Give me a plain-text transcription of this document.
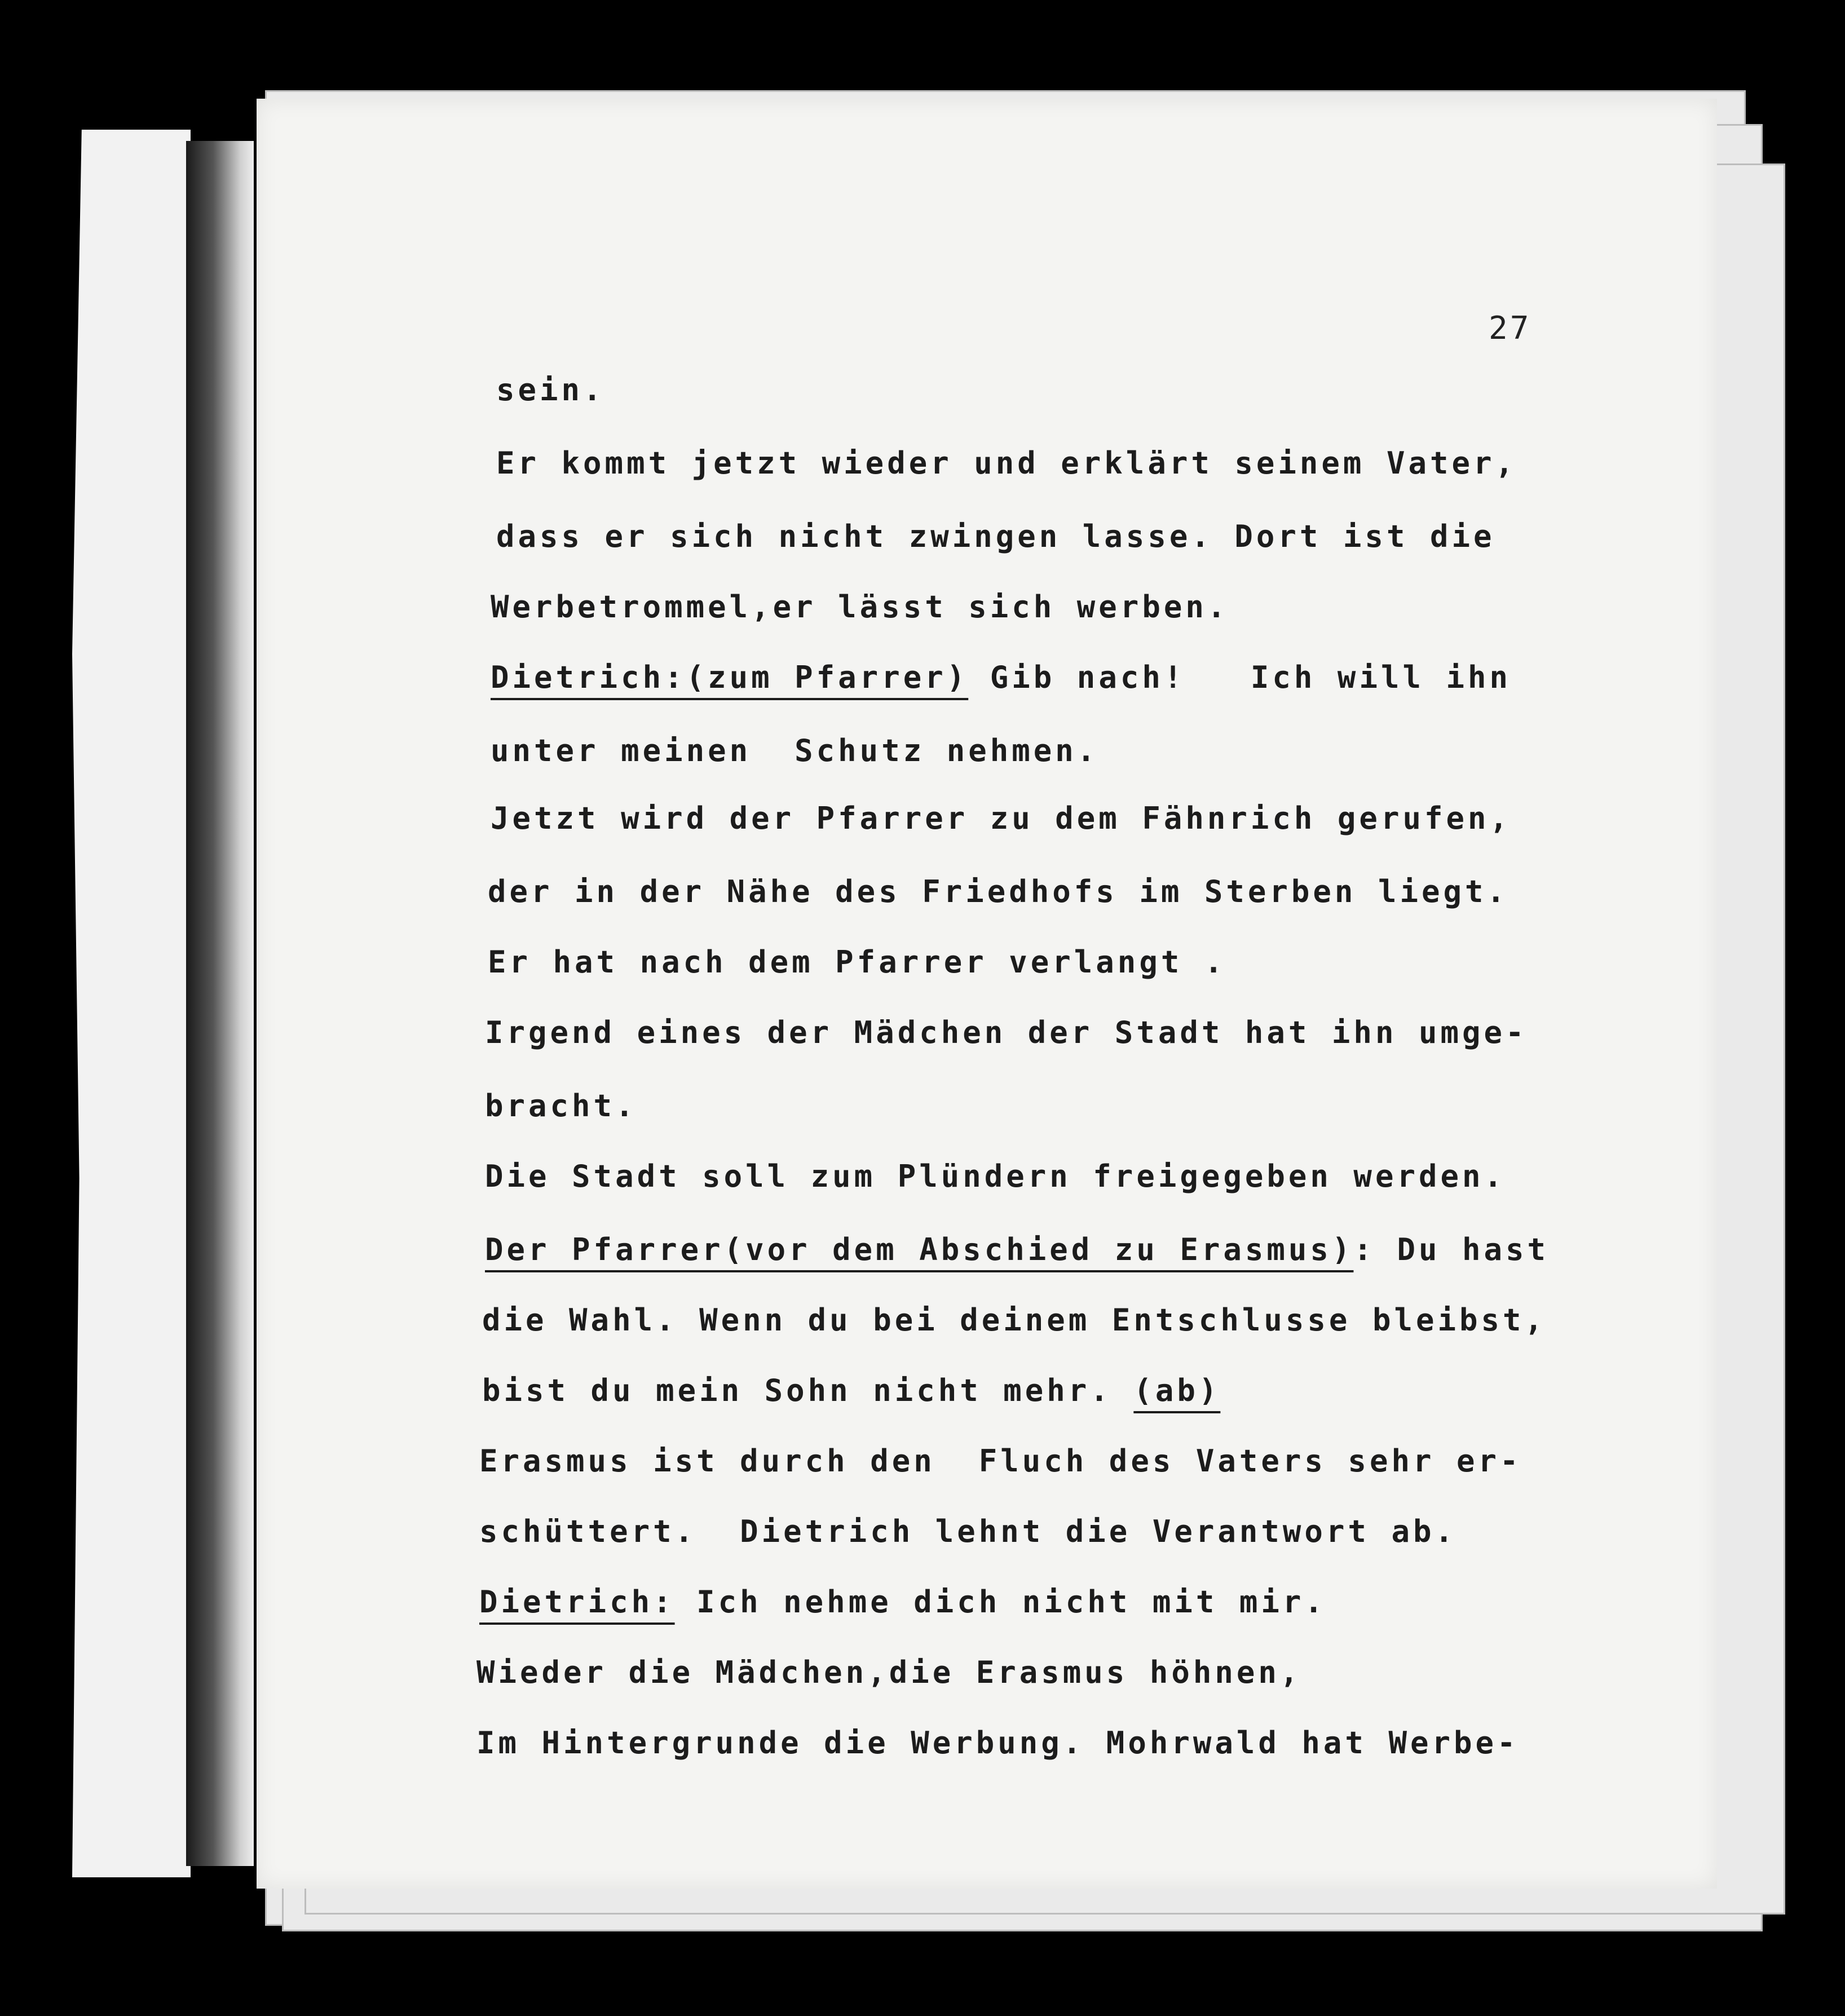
27
sein.
Er kommt jetzt wieder und erklärt seinem Vater,
dass er sich nicht zwingen lasse. Dort ist die
Werbetrommel,er lässt sich werben.
Dietrich:(zum Pfarrer) Gib nach!   Ich will ihn
unter meinen  Schutz nehmen.
Jetzt wird der Pfarrer zu dem Fähnrich gerufen,
der in der Nähe des Friedhofs im Sterben liegt.
Er hat nach dem Pfarrer verlangt .
Irgend eines der Mädchen der Stadt hat ihn umge-
bracht.
Die Stadt soll zum Plündern freigegeben werden.
Der Pfarrer(vor dem Abschied zu Erasmus): Du hast
die Wahl. Wenn du bei deinem Entschlusse bleibst,
bist du mein Sohn nicht mehr. (ab)
Erasmus ist durch den  Fluch des Vaters sehr er-
schüttert.  Dietrich lehnt die Verantwort ab.
Dietrich: Ich nehme dich nicht mit mir.
Wieder die Mädchen,die Erasmus höhnen,
Im Hintergrunde die Werbung. Mohrwald hat Werbe-
